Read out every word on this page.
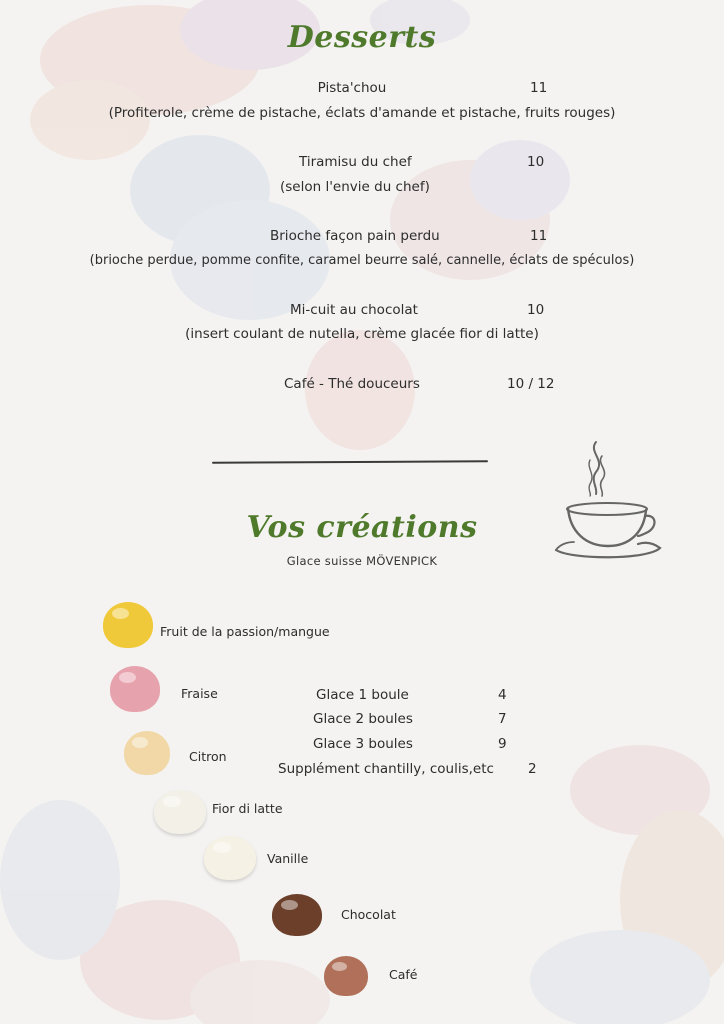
Desserts
Pista'chou	11
(Profiterole, crème de pistache, éclats d'amande et pistache, fruits rouges)
Tiramisu du chef	10
(selon l'envie du chef)
Brioche façon pain perdu	11
(brioche perdue, pomme confite, caramel beurre salé, cannelle, éclats de spéculos)
Mi-cuit au chocolat	10
(insert coulant de nutella, crème glacée fior di latte)
Café - Thé douceurs	10 / 12
Vos créations
Glace suisse MÖVENPICK
Fruit de la passion/mangue
Fraise
Citron
Fior di latte
Vanille
Chocolat
Café
Glace 1 boule	4
Glace 2 boules	7
Glace 3 boules	9
Supplément chantilly, coulis,etc	2
